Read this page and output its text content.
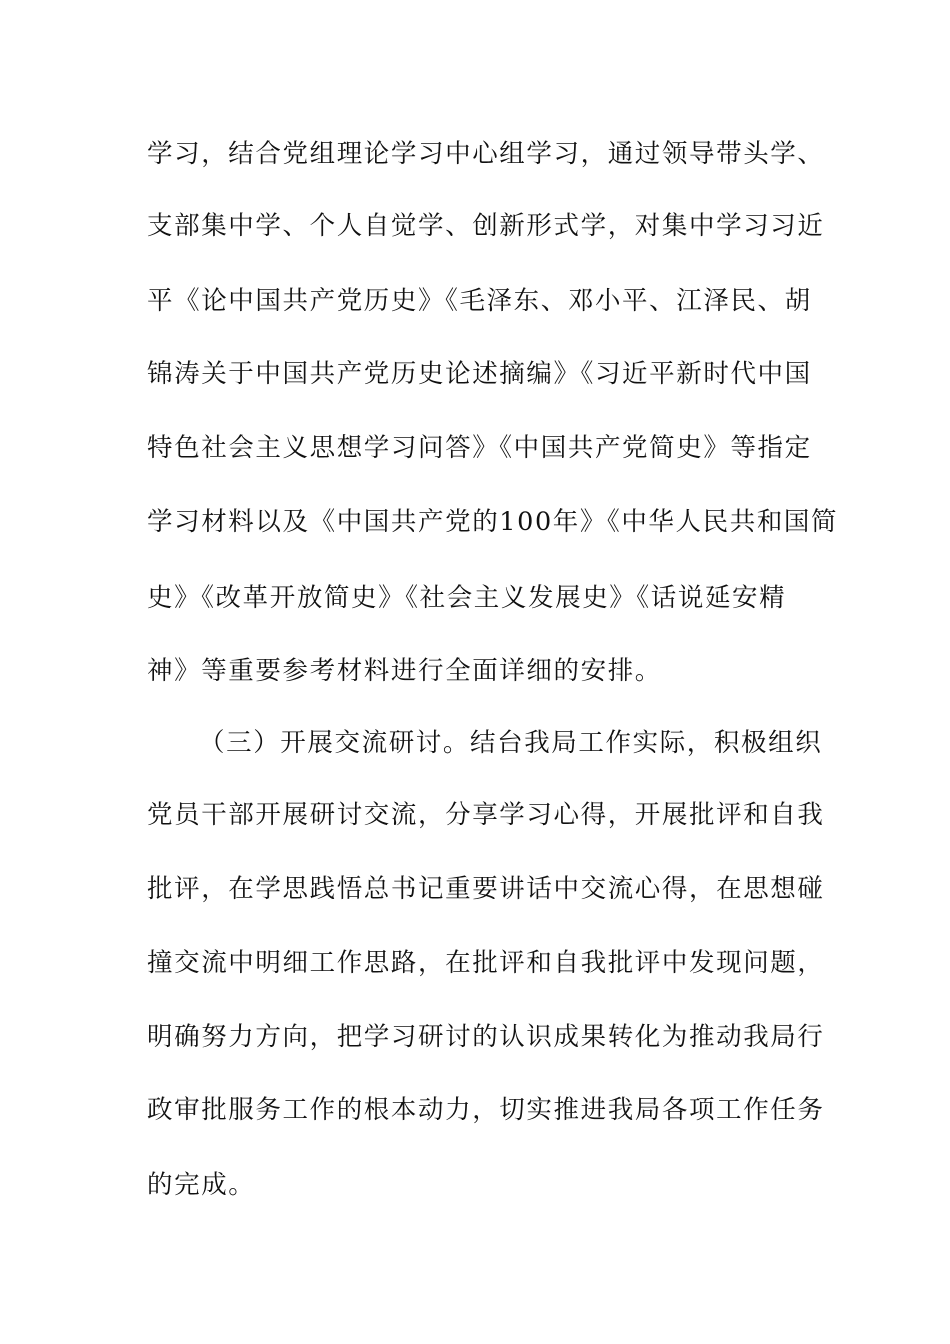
学习，结合党组理论学习中心组学习，通过领导带头学、
支部集中学、个人自觉学、创新形式学，对集中学习习近
平《论中国共产党历史》《毛泽东、邓小平、江泽民、胡
锦涛关于中国共产党历史论述摘编》《习近平新时代中国
特色社会主义思想学习问答》《中国共产党简史》等指定
学习材料以及《中国共产党的100年》《中华人民共和国简
史》《改革开放简史》《社会主义发展史》《话说延安精
神》等重要参考材料进行全面详细的安排。
（三）开展交流研讨。结台我局工作实际，积极组织
党员干部开展研讨交流，分享学习心得，开展批评和自我
批评，在学思践悟总书记重要讲话中交流心得，在思想碰
撞交流中明细工作思路，在批评和自我批评中发现问题，
明确努力方向，把学习研讨的认识成果转化为推动我局行
政审批服务工作的根本动力，切实推进我局各项工作任务
的完成。
